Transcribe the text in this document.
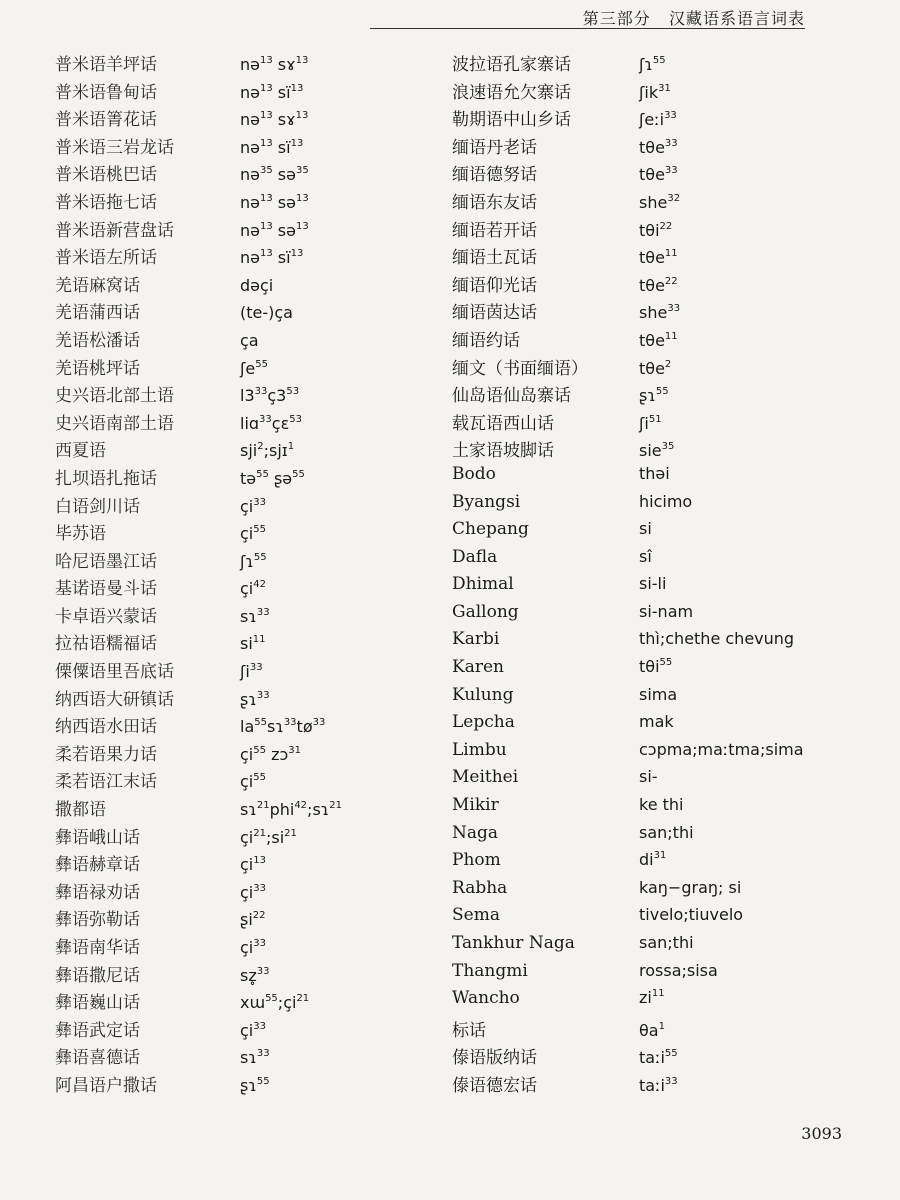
第三部分 汉藏语系语言词表
普米语羊坪话	nə$^{13}$ sɤ$^{13}$
普米语鲁甸话	nə$^{13}$ $sï^{13}$
普米语箐花话	nə$^{13}$ sɤ$^{13}$
普米语三岩龙话	nə$^{13}$ $sï^{13}$
普米语桃巴话	nə$^{35}$ sə$^{35}$
普米语拖七话	nə$^{13}$ sə$^{13}$
普米语新营盘话	nə$^{13}$ sə$^{13}$
普米语左所话	nə$^{13}$ $sï^{13}$
羌语麻窝话	dəçi
羌语蒲西话	(te-)ça
羌语松潘话	ça
羌语桃坪话	ʃe$^{55}$
史兴语北部土语	$l3^{33}ç3^{53}$
史兴语南部土语	liɑ$^{33}$çɛ$^{53}$
西夏语	sji$^2$;sjɪ$^1$
扎坝语扎拖话	tə$^{55}$ ʂə$^{55}$
白语剑川话	$çi^{33}$
毕苏语	$çi^{55}$
哈尼语墨江话	ʃɿ$^{55}$
基诺语曼斗话	$çi^{42}$
卡卓语兴蒙话	sɿ$^{33}$
拉祜语糯福话	$si^{11}$
傈僳语里吾底话	ʃi$^{33}$
纳西语大研镇话	ʂɿ$^{33}$
纳西语水田话	$la^{55}sɿ^{33}tø^{33}$
柔若语果力话	$çi^{55}$ zɔ$^{31}$
柔若语江末话	$çi^{55}$
撒都语	sɿ$^{21}$phi$^{42}$;sɿ$^{21}$
彝语峨山话	$çi^{21};si^{21}$
彝语赫章话	$çi^{13}$
彝语禄劝话	$çi^{33}$
彝语弥勒话	ʂi$^{22}$
彝语南华话	$çi^{33}$
彝语撒尼话	sz̥$^{33}$
彝语巍山话	$xɯ^{55};çi^{21}$
彝语武定话	$çi^{33}$
彝语喜德话	sɿ$^{33}$
阿昌语户撒话	ʂɿ$^{55}$
波拉语孔家寨话	ʃɿ$^{55}$
浪速语允欠寨话	ʃik$^{31}$
勒期语中山乡话	ʃeːi$^{33}$
缅语丹老话	tθe$^{33}$
缅语德努话	tθe$^{33}$
缅语东友话	she$^{32}$
缅语若开话	tθi$^{22}$
缅语土瓦话	tθe$^{11}$
缅语仰光话	tθe$^{22}$
缅语茵达话	she$^{33}$
缅语约话	tθe$^{11}$
缅文（书面缅语）	tθe$^2$
仙岛语仙岛寨话	ʂɿ$^{55}$
载瓦语西山话	ʃi$^{51}$
土家语坡脚话	sie$^{35}$
Bodo	thəi
Byangsi	hicimo
Chepang	si
Dafla	sî
Dhimal	si-li
Gallong	si-nam
Karbi	thì;chethe chevung
Karen	tθi$^{55}$
Kulung	sima
Lepcha	mak
Limbu	cɔpma;maːtma;sima
Meithei	si-
Mikir	ke thi
Naga	san;thi
Phom	$di^{31}$
Rabha	kaŋ−graŋ; si
Sema	tivelo;tiuvelo
Tankhur Naga	san;thi
Thangmi	rossa;sisa
Wancho	$zi^{11}$
标话	$\theta a^1$
傣语版纳话	taːi$^{55}$
傣语德宏话	taːi$^{33}$
3093
